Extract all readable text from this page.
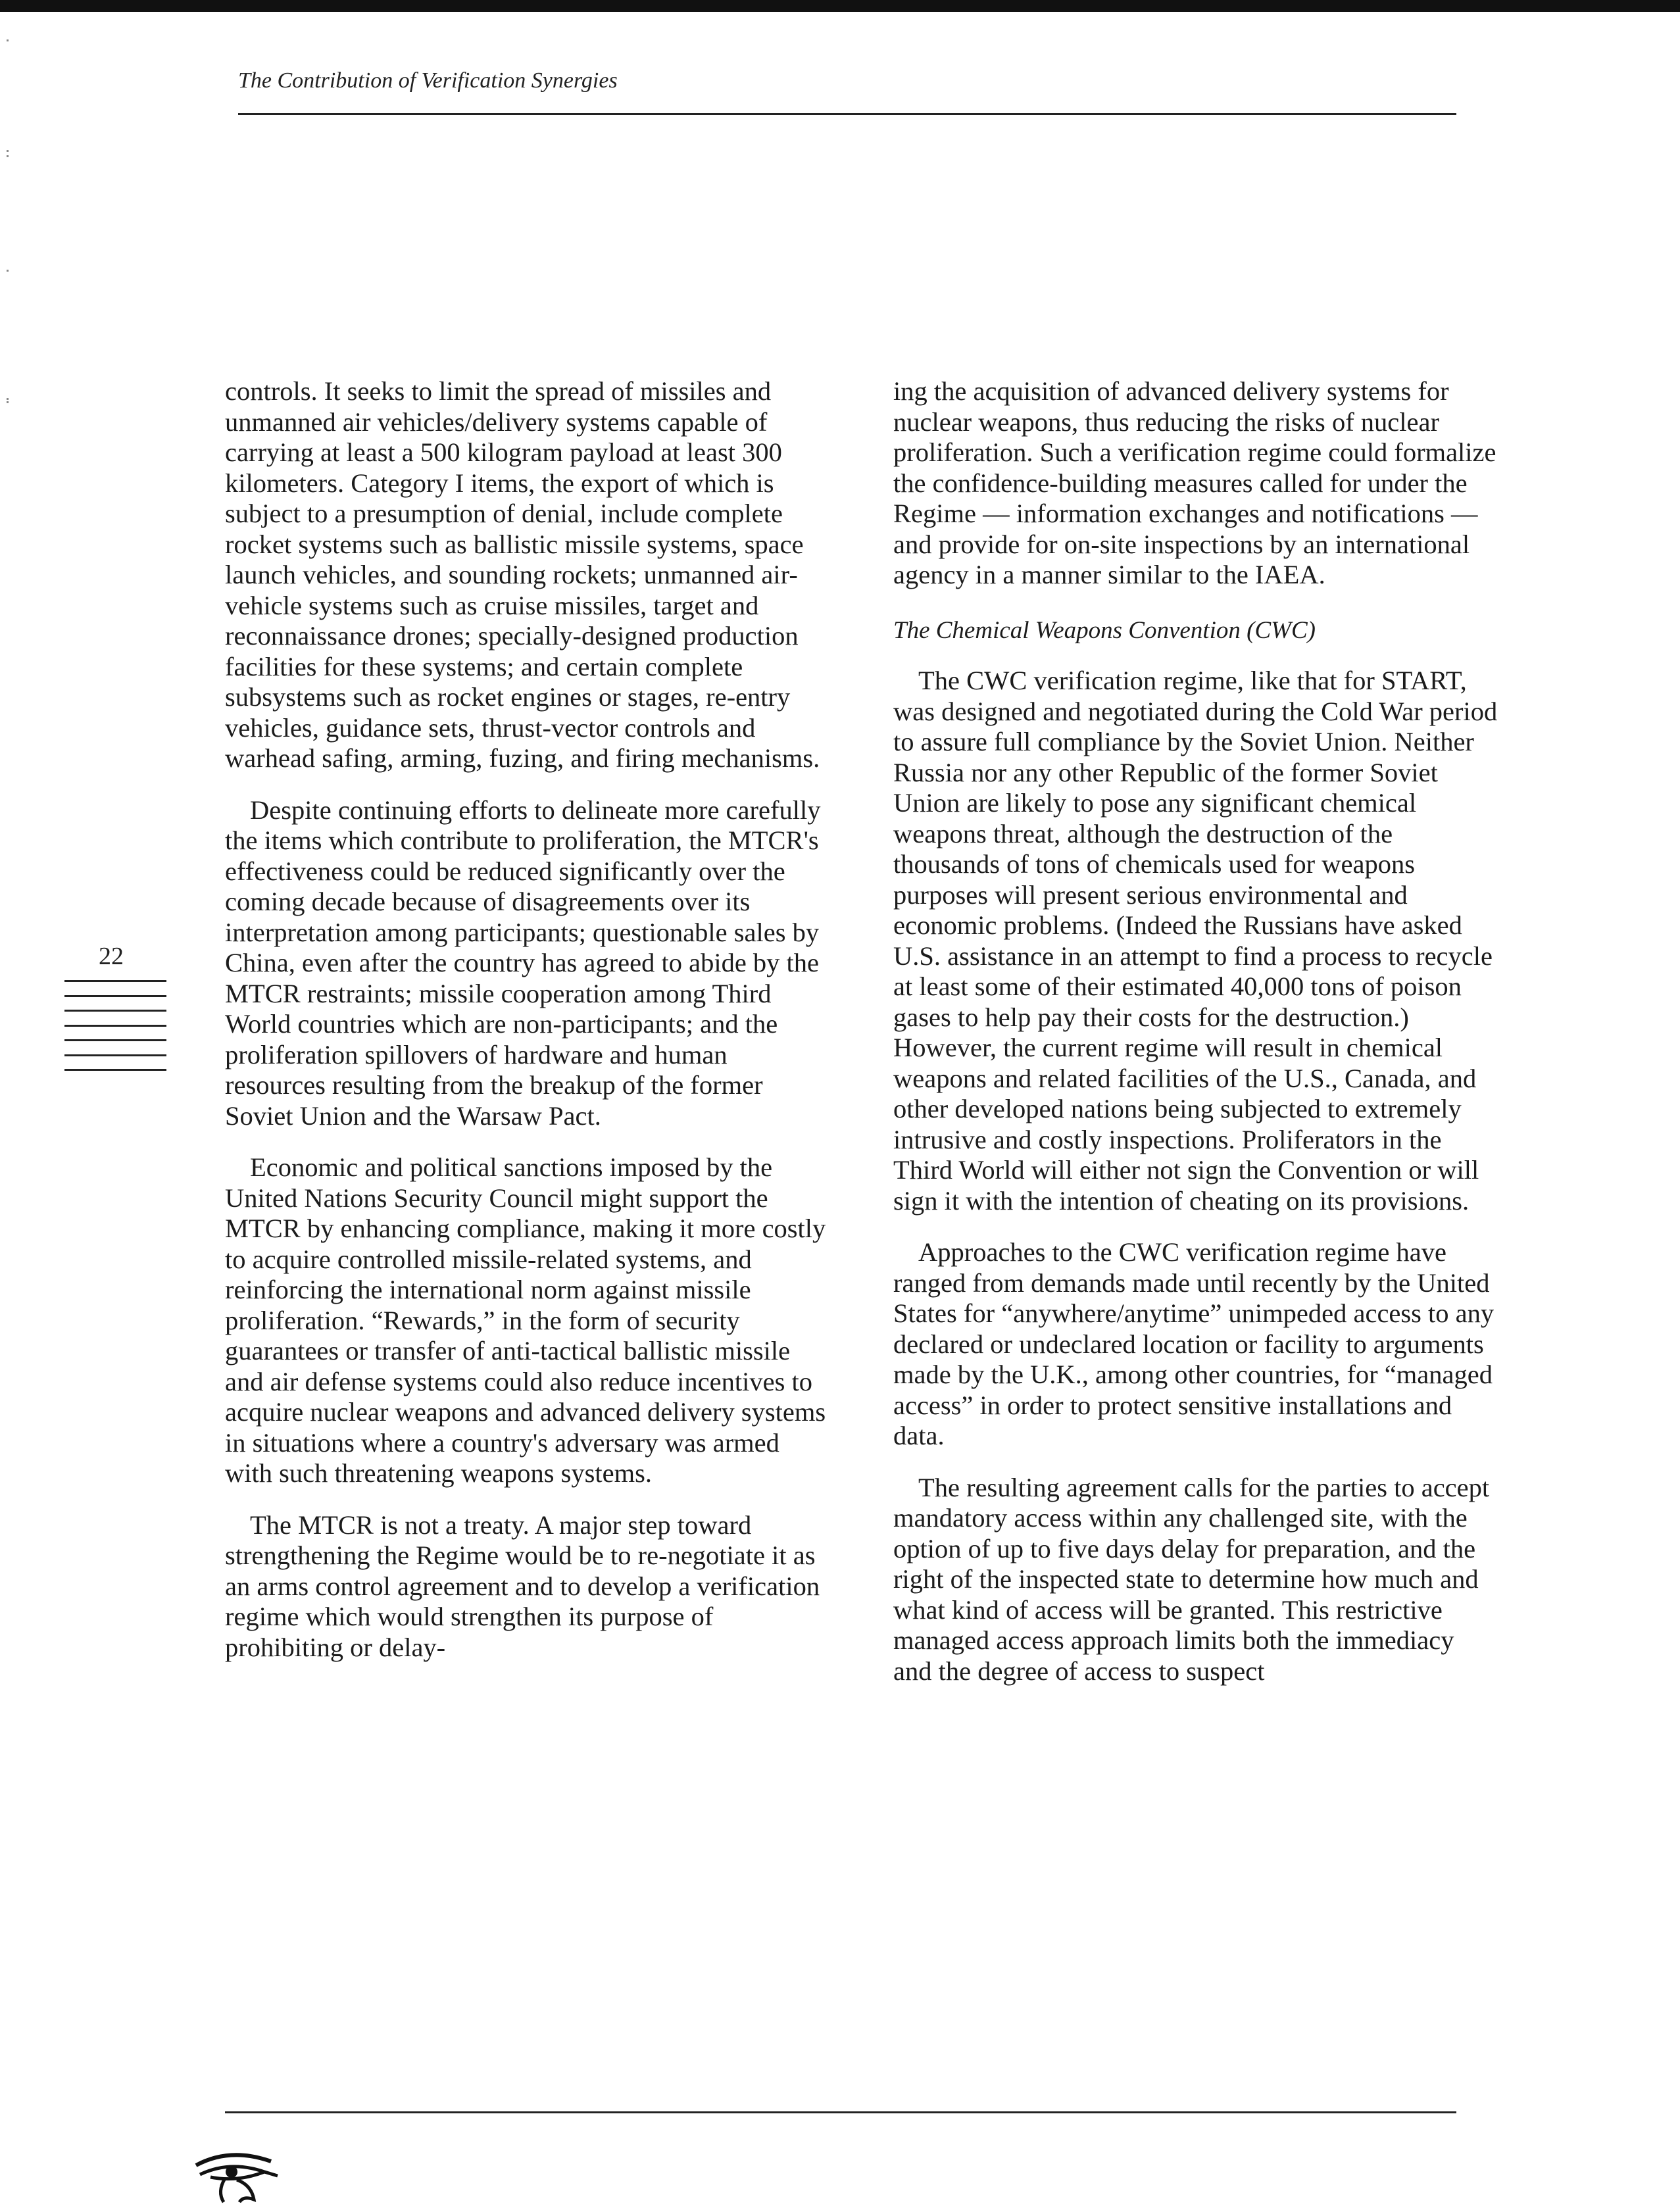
The Contribution of Verification Synergies

controls. It seeks to limit the spread of missiles and unmanned air vehicles/delivery systems capable of carrying at least a 500 kilogram payload at least 300 kilometers. Category I items, the export of which is subject to a presumption of denial, include complete rocket systems such as ballistic missile systems, space launch vehicles, and sounding rockets; unmanned air-vehicle systems such as cruise missiles, target and reconnaissance drones; specially-designed production facilities for these systems; and certain complete subsystems such as rocket engines or stages, re-entry vehicles, guidance sets, thrust-vector controls and warhead safing, arming, fuzing, and firing mechanisms.

Despite continuing efforts to delineate more carefully the items which contribute to proliferation, the MTCR's effectiveness could be reduced significantly over the coming decade because of disagreements over its interpretation among participants; questionable sales by China, even after the country has agreed to abide by the MTCR restraints; missile cooperation among Third World countries which are non-participants; and the proliferation spillovers of hardware and human resources resulting from the breakup of the former Soviet Union and the Warsaw Pact.

Economic and political sanctions imposed by the United Nations Security Council might support the MTCR by enhancing compliance, making it more costly to acquire controlled missile-related systems, and reinforcing the international norm against missile proliferation. “Rewards,” in the form of security guarantees or transfer of anti-tactical ballistic missile and air defense systems could also reduce incentives to acquire nuclear weapons and advanced delivery systems in situations where a country's adversary was armed with such threatening weapons systems.

The MTCR is not a treaty. A major step toward strengthening the Regime would be to re-negotiate it as an arms control agreement and to develop a verification regime which would strengthen its purpose of prohibiting or delay-

ing the acquisition of advanced delivery systems for nuclear weapons, thus reducing the risks of nuclear proliferation. Such a verification regime could formalize the confidence-building measures called for under the Regime — information exchanges and notifications — and provide for on-site inspections by an international agency in a manner similar to the IAEA.

The Chemical Weapons Convention (CWC)

The CWC verification regime, like that for START, was designed and negotiated during the Cold War period to assure full compliance by the Soviet Union. Neither Russia nor any other Republic of the former Soviet Union are likely to pose any significant chemical weapons threat, although the destruction of the thousands of tons of chemicals used for weapons purposes will present serious environmental and economic problems. (Indeed the Russians have asked U.S. assistance in an attempt to find a process to recycle at least some of their estimated 40,000 tons of poison gases to help pay their costs for the destruction.) However, the current regime will result in chemical weapons and related facilities of the U.S., Canada, and other developed nations being subjected to extremely intrusive and costly inspections. Proliferators in the Third World will either not sign the Convention or will sign it with the intention of cheating on its provisions.

Approaches to the CWC verification regime have ranged from demands made until recently by the United States for “anywhere/anytime” unimpeded access to any declared or undeclared location or facility to arguments made by the U.K., among other countries, for “managed access” in order to protect sensitive installations and data.

The resulting agreement calls for the parties to accept mandatory access within any challenged site, with the option of up to five days delay for preparation, and the right of the inspected state to determine how much and what kind of access will be granted. This restrictive managed access approach limits both the immediacy and the degree of access to suspect

22
